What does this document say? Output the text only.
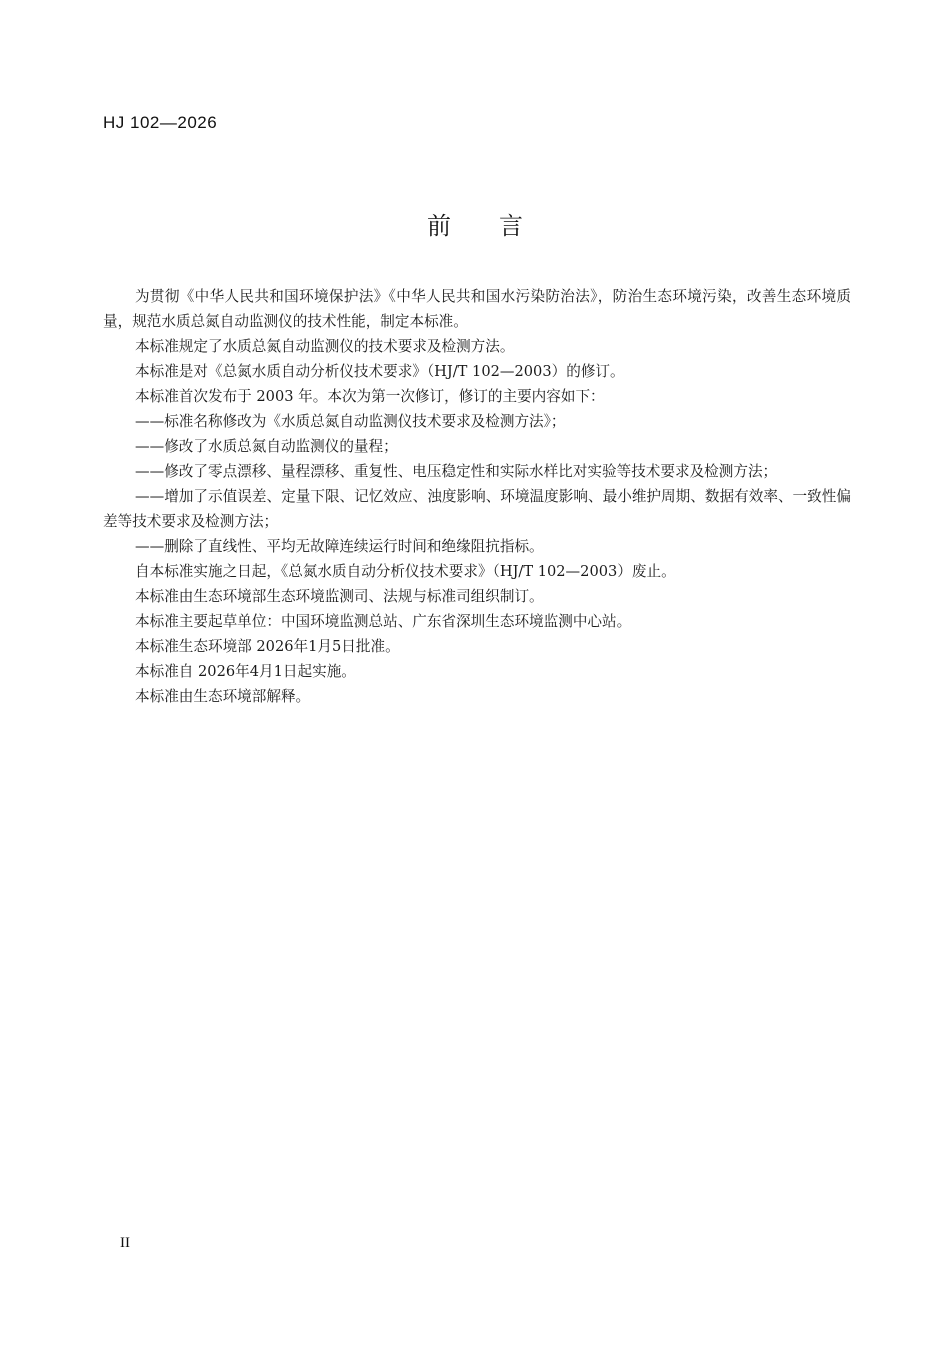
HJ 102—2026
前言

为贯彻《中华人民共和国环境保护法》《中华人民共和国水污染防治法》，防治生态环境污染，改善生态环境质量，规范水质总氮自动监测仪的技术性能，制定本标准。

本标准规定了水质总氮自动监测仪的技术要求及检测方法。

本标准是对《总氮水质自动分析仪技术要求》（HJ/T 102—2003）的修订。

本标准首次发布于 2003 年。本次为第一次修订，修订的主要内容如下：

——标准名称修改为《水质总氮自动监测仪技术要求及检测方法》；

——修改了水质总氮自动监测仪的量程；

——修改了零点漂移、量程漂移、重复性、电压稳定性和实际水样比对实验等技术要求及检测方法；

——增加了示值误差、定量下限、记忆效应、浊度影响、环境温度影响、最小维护周期、数据有效率、一致性偏差等技术要求及检测方法；

——删除了直线性、平均无故障连续运行时间和绝缘阻抗指标。

自本标准实施之日起，《总氮水质自动分析仪技术要求》（HJ/T 102—2003）废止。

本标准由生态环境部生态环境监测司、法规与标准司组织制订。

本标准主要起草单位：中国环境监测总站、广东省深圳生态环境监测中心站。

本标准生态环境部 2026年1月5日批准。

本标准自 2026年4月1日起实施。

本标准由生态环境部解释。

II
